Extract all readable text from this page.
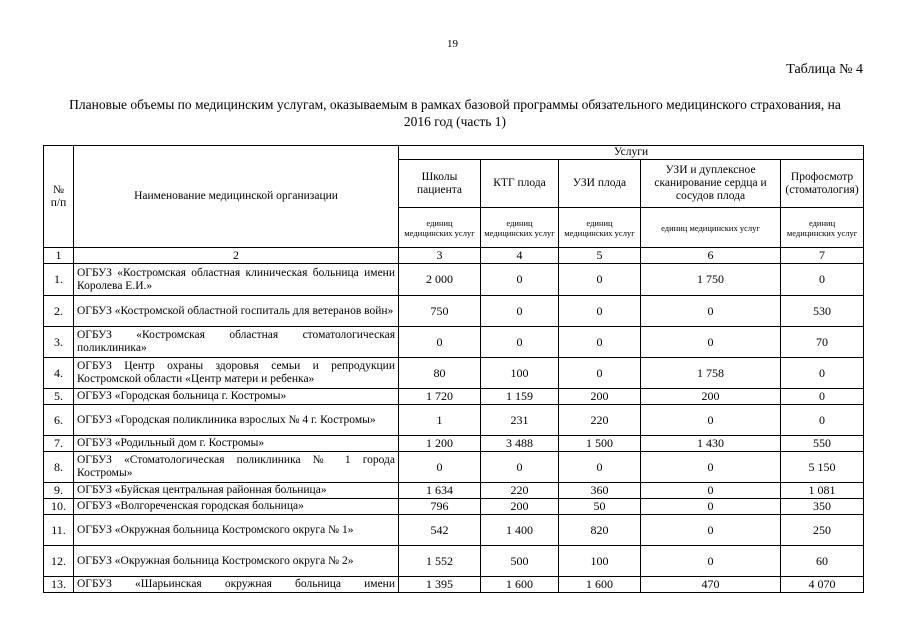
19
Таблица № 4
Плановые объемы по медицинским услугам, оказываемым в рамках базовой программы обязательного медицинского страхования, на 2016 год (часть 1)
№
п/п	Наименование медицинской организации	Услуги				
		Школы пациента	КТГ плода	УЗИ плода	УЗИ и дуплексное сканирование сердца и сосудов плода	Профосмотр (стоматология)
		единиц медицинских услуг	единиц медицинских услуг	единиц медицинских услуг	единиц медицинских услуг	единиц медицинских услуг
1	2	3	4	5	6	7
1.	ОГБУЗ «Костромская областная клиническая больница имени Королева Е.И.»	2 000	0	0	1 750	0
2.	ОГБУЗ «Костромской областной госпиталь для ветеранов войн»	750	0	0	0	530
3.	ОГБУЗ «Костромская областная стоматологическая поликлиника»	0	0	0	0	70
4.	ОГБУЗ Центр охраны здоровья семьи и репродукции Костромской области «Центр матери и ребенка»	80	100	0	1 758	0
5.	ОГБУЗ «Городская больница г. Костромы»	1 720	1 159	200	200	0
6.	ОГБУЗ «Городская поликлиника взрослых № 4 г. Костромы»	1	231	220	0	0
7.	ОГБУЗ «Родильный дом г. Костромы»	1 200	3 488	1 500	1 430	550
8.	ОГБУЗ «Стоматологическая поликлиника № 1 города Костромы»	0	0	0	0	5 150
9.	ОГБУЗ «Буйская центральная районная больница»	1 634	220	360	0	1 081
10.	ОГБУЗ «Волгореченская городская больница»	796	200	50	0	350
11.	ОГБУЗ «Окружная больница Костромского округа № 1»	542	1 400	820	0	250
12.	ОГБУЗ «Окружная больница Костромского округа № 2»	1 552	500	100	0	60
13.	ОГБУЗ «Шарьинская окружная больница имени	1 395	1 600	1 600	470	4 070
